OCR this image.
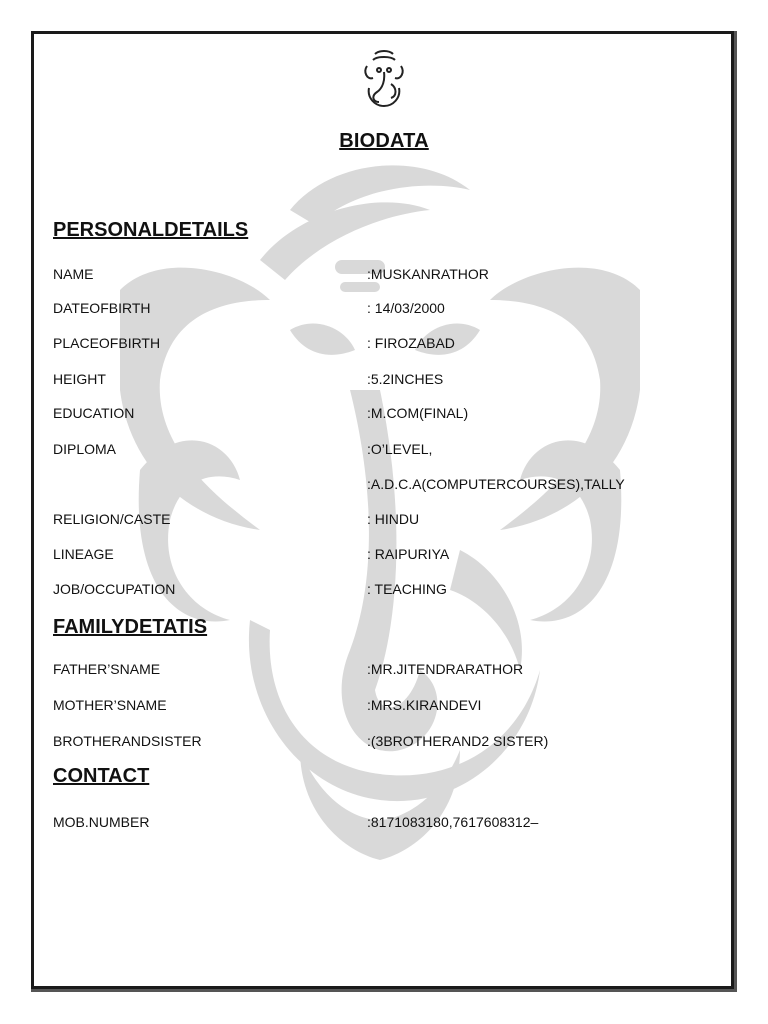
BIODATA
PERSONALDETAILS
NAME	:MUSKANRATHOR
DATEOFBIRTH	: 14/03/2000
PLACEOFBIRTH	: FIROZABAD
HEIGHT	:5.2INCHES
EDUCATION	:M.COM(FINAL)
DIPLOMA	:O’LEVEL,
:A.D.C.A(COMPUTERCOURSES),TALLY
RELIGION/CASTE	: HINDU
LINEAGE	: RAIPURIYA
JOB/OCCUPATION	: TEACHING
FAMILYDETATIS
FATHER’SNAME	:MR.JITENDRARATHOR
MOTHER’SNAME	:MRS.KIRANDEVI
BROTHERANDSISTER	:(3BROTHERAND2 SISTER)
CONTACT
MOB.NUMBER	:8171083180,7617608312–
